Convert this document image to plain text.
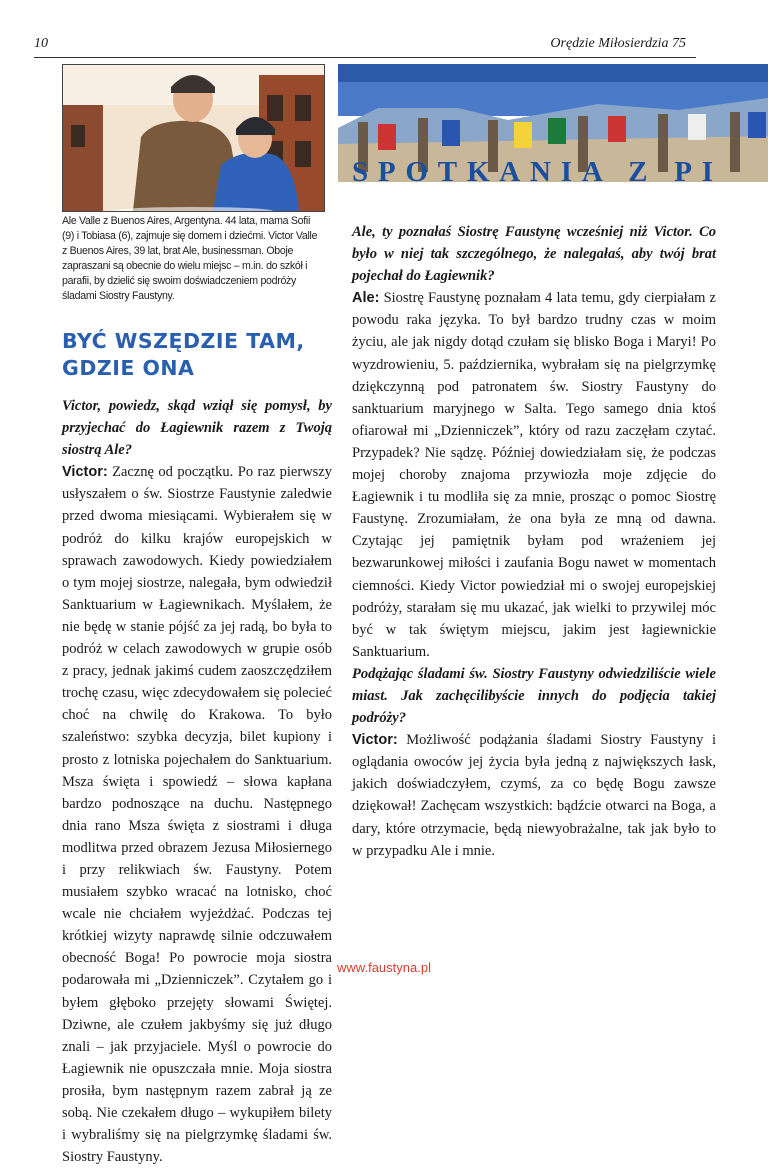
10	Orędzie Miłosierdzia 75
Ale Valle z Buenos Aires, Argentyna. 44 lata, mama Sofii (9) i Tobiasa (6), zajmuje się domem i dziećmi. Victor Valle z Buenos Aires, 39 lat, brat Ale, businessman. Oboje zapraszani są obecnie do wielu miejsc – m.in. do szkół i parafii, by dzielić się swoim doświadczeniem podróży śladami Siostry Faustyny.
SPOTKANIA Z PI
BYĆ WSZĘDZIE TAM, GDZIE ONA

Victor, powiedz, skąd wziął się pomysł, by przyjechać do Łagiewnik razem z Twoją siostrą Ale?
Victor: Zacznę od początku. Po raz pierwszy usłyszałem o św. Siostrze Faustynie zaledwie przed dwoma miesiącami. Wybierałem się w podróż do kilku krajów europejskich w sprawach zawodowych. Kiedy powiedziałem o tym mojej siostrze, nalegała, bym odwiedził Sanktuarium w Łagiewnikach. Myślałem, że nie będę w stanie pójść za jej radą, bo była to podróż w celach zawodowych w grupie osób z pracy, jednak jakimś cudem zaoszczędziłem trochę czasu, więc zdecydowałem się polecieć choć na chwilę do Krakowa. To było szaleństwo: szybka decyzja, bilet kupiony i prosto z lotniska pojechałem do Sanktuarium. Msza święta i spowiedź – słowa kapłana bardzo podnoszące na duchu. Następnego dnia rano Msza święta z siostrami i długa modlitwa przed obrazem Jezusa Miłosiernego i przy relikwiach św. Faustyny. Potem musiałem szybko wracać na lotnisko, choć wcale nie chciałem wyjeżdżać. Podczas tej krótkiej wizyty naprawdę silnie odczuwałem obecność Boga! Po powrocie moja siostra podarowała mi „Dzienniczek”. Czytałem go i byłem głęboko przejęty słowami Świętej. Dziwne, ale czułem jakbyśmy się już długo znali – jak przyjaciele. Myśl o powrocie do Łagiewnik nie opuszczała mnie. Moja siostra prosiła, bym następnym razem zabrał ją ze sobą. Nie czekałem długo – wykupiłem bilety i wybraliśmy się na pielgrzymkę śladami św. Siostry Faustyny.

Ale, ty poznałaś Siostrę Faustynę wcześniej niż Victor. Co było w niej tak szczególnego, że nalegałaś, aby twój brat pojechał do Łagiewnik?
Ale: Siostrę Faustynę poznałam 4 lata temu, gdy cierpiałam z powodu raka języka. To był bardzo trudny czas w moim życiu, ale jak nigdy dotąd czułam się blisko Boga i Maryi! Po wyzdrowieniu, 5. października, wybrałam się na pielgrzymkę dziękczynną pod patronatem św. Siostry Faustyny do sanktuarium maryjnego w Salta. Tego samego dnia ktoś ofiarował mi „Dzienniczek”, który od razu zaczęłam czytać. Przypadek? Nie sądzę. Później dowiedziałam się, że podczas mojej choroby znajoma przywiozła moje zdjęcie do Łagiewnik i tu modliła się za mnie, prosząc o pomoc Siostrę Faustynę. Zrozumiałam, że ona była ze mną od dawna. Czytając jej pamiętnik byłam pod wrażeniem jej bezwarunkowej miłości i zaufania Bogu nawet w momentach ciemności. Kiedy Victor powiedział mi o swojej europejskiej podróży, starałam się mu ukazać, jak wielki to przywilej móc być w tak świętym miejscu, jakim jest łagiewnickie Sanktuarium.
Podążając śladami św. Siostry Faustyny odwiedziliście wiele miast. Jak zachęcilibyście innych do podjęcia takiej podróży?
Victor: Możliwość podążania śladami Siostry Faustyny i oglądania owoców jej życia była jedną z największych łask, jakich doświadczyłem, czymś, za co będę Bogu zawsze dziękował! Zachęcam wszystkich: bądźcie otwarci na Boga, a dary, które otrzymacie, będą niewyobrażalne, tak jak było to w przypadku Ale i mnie.

www.faustyna.pl
